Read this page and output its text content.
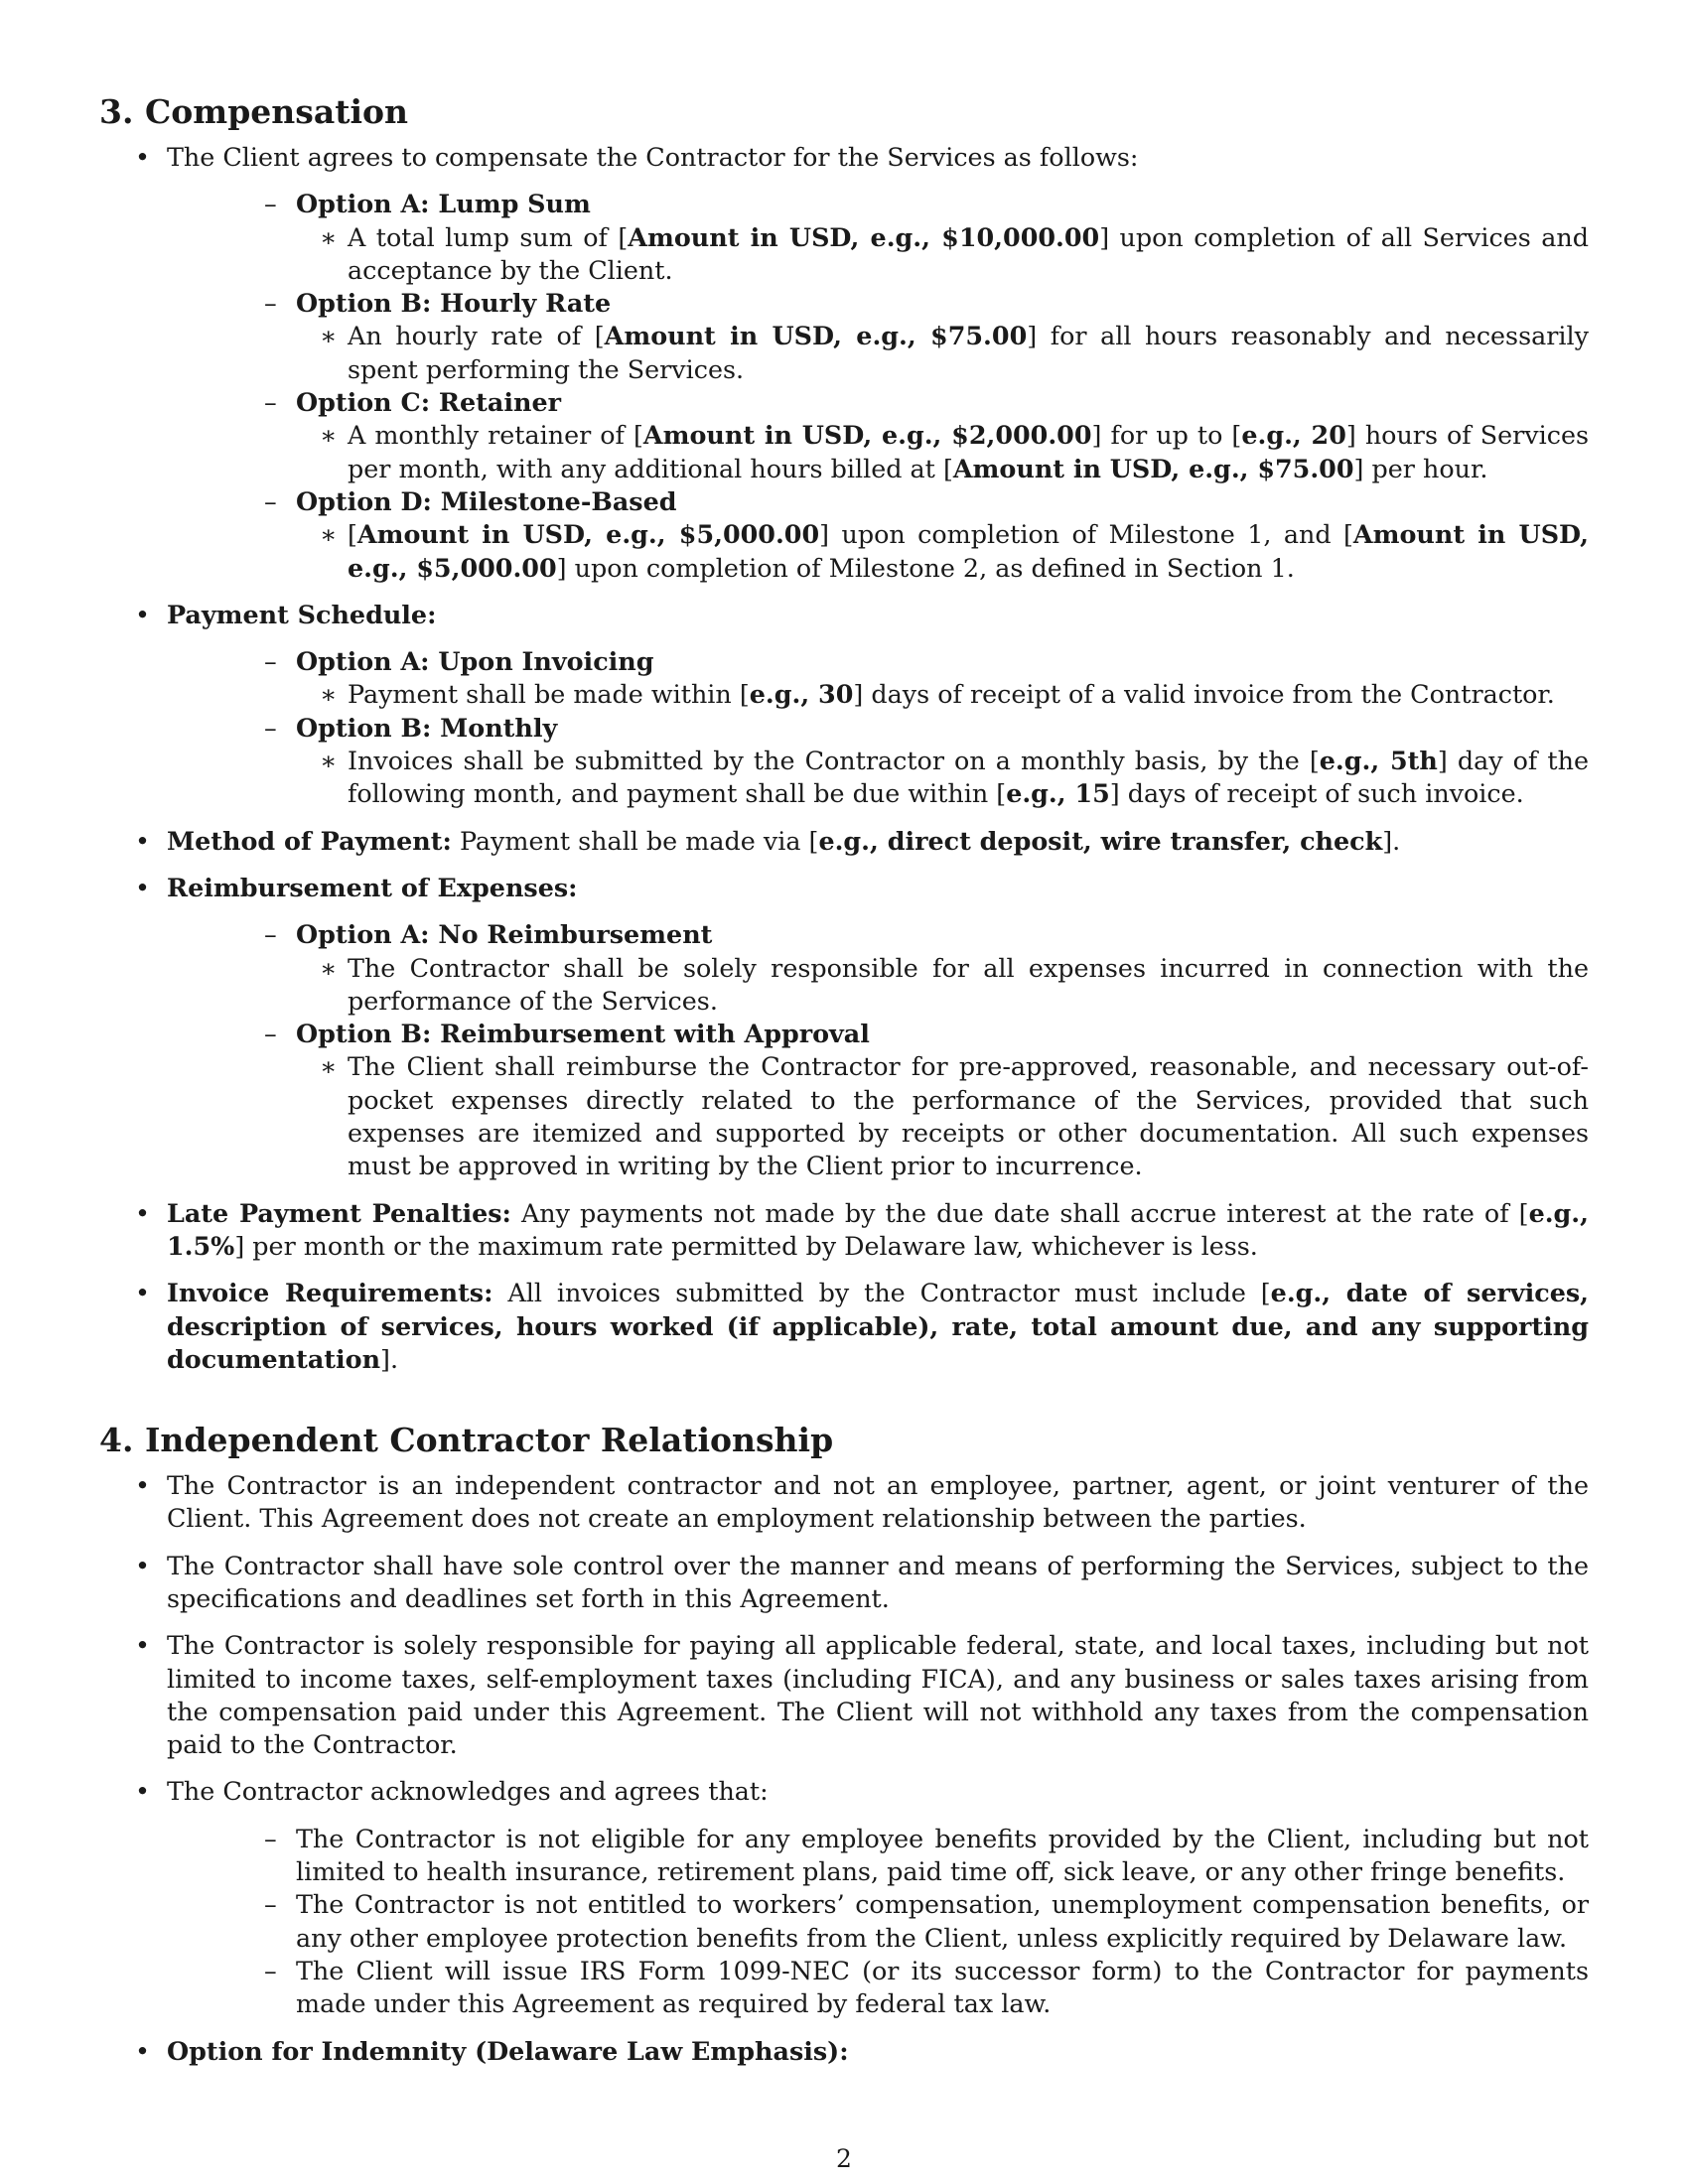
3. Compensation
• The Client agrees to compensate the Contractor for the Services as follows:
– Option A: Lump Sum
∗ A total lump sum of [Amount in USD, e.g., $10,000.00] upon completion of all Services and acceptance by the Client.
– Option B: Hourly Rate
∗ An hourly rate of [Amount in USD, e.g., $75.00] for all hours reasonably and necessarily spent performing the Services.
– Option C: Retainer
∗ A monthly retainer of [Amount in USD, e.g., $2,000.00] for up to [e.g., 20] hours of Services per month, with any additional hours billed at [Amount in USD, e.g., $75.00] per hour.
– Option D: Milestone-Based
∗ [Amount in USD, e.g., $5,000.00] upon completion of Milestone 1, and [Amount in USD, e.g., $5,000.00] upon completion of Milestone 2, as defined in Section 1.
• Payment Schedule:
– Option A: Upon Invoicing
∗ Payment shall be made within [e.g., 30] days of receipt of a valid invoice from the Contractor.
– Option B: Monthly
∗ Invoices shall be submitted by the Contractor on a monthly basis, by the [e.g., 5th] day of the following month, and payment shall be due within [e.g., 15] days of receipt of such invoice.
• Method of Payment: Payment shall be made via [e.g., direct deposit, wire transfer, check].
• Reimbursement of Expenses:
– Option A: No Reimbursement
∗ The Contractor shall be solely responsible for all expenses incurred in connection with the performance of the Services.
– Option B: Reimbursement with Approval
∗ The Client shall reimburse the Contractor for pre-approved, reasonable, and necessary out-of-pocket expenses directly related to the performance of the Services, provided that such expenses are itemized and supported by receipts or other documentation. All such expenses must be approved in writing by the Client prior to incurrence.
• Late Payment Penalties: Any payments not made by the due date shall accrue interest at the rate of [e.g., 1.5%] per month or the maximum rate permitted by Delaware law, whichever is less.
• Invoice Requirements: All invoices submitted by the Contractor must include [e.g., date of services, description of services, hours worked (if applicable), rate, total amount due, and any supporting documentation].
4. Independent Contractor Relationship
• The Contractor is an independent contractor and not an employee, partner, agent, or joint venturer of the Client. This Agreement does not create an employment relationship between the parties.
• The Contractor shall have sole control over the manner and means of performing the Services, subject to the specifications and deadlines set forth in this Agreement.
• The Contractor is solely responsible for paying all applicable federal, state, and local taxes, including but not limited to income taxes, self-employment taxes (including FICA), and any business or sales taxes arising from the compensation paid under this Agreement. The Client will not withhold any taxes from the compensation paid to the Contractor.
• The Contractor acknowledges and agrees that:
– The Contractor is not eligible for any employee benefits provided by the Client, including but not limited to health insurance, retirement plans, paid time off, sick leave, or any other fringe benefits.
– The Contractor is not entitled to workers’ compensation, unemployment compensation benefits, or any other employee protection benefits from the Client, unless explicitly required by Delaware law.
– The Client will issue IRS Form 1099-NEC (or its successor form) to the Contractor for payments made under this Agreement as required by federal tax law.
• Option for Indemnity (Delaware Law Emphasis):
2
